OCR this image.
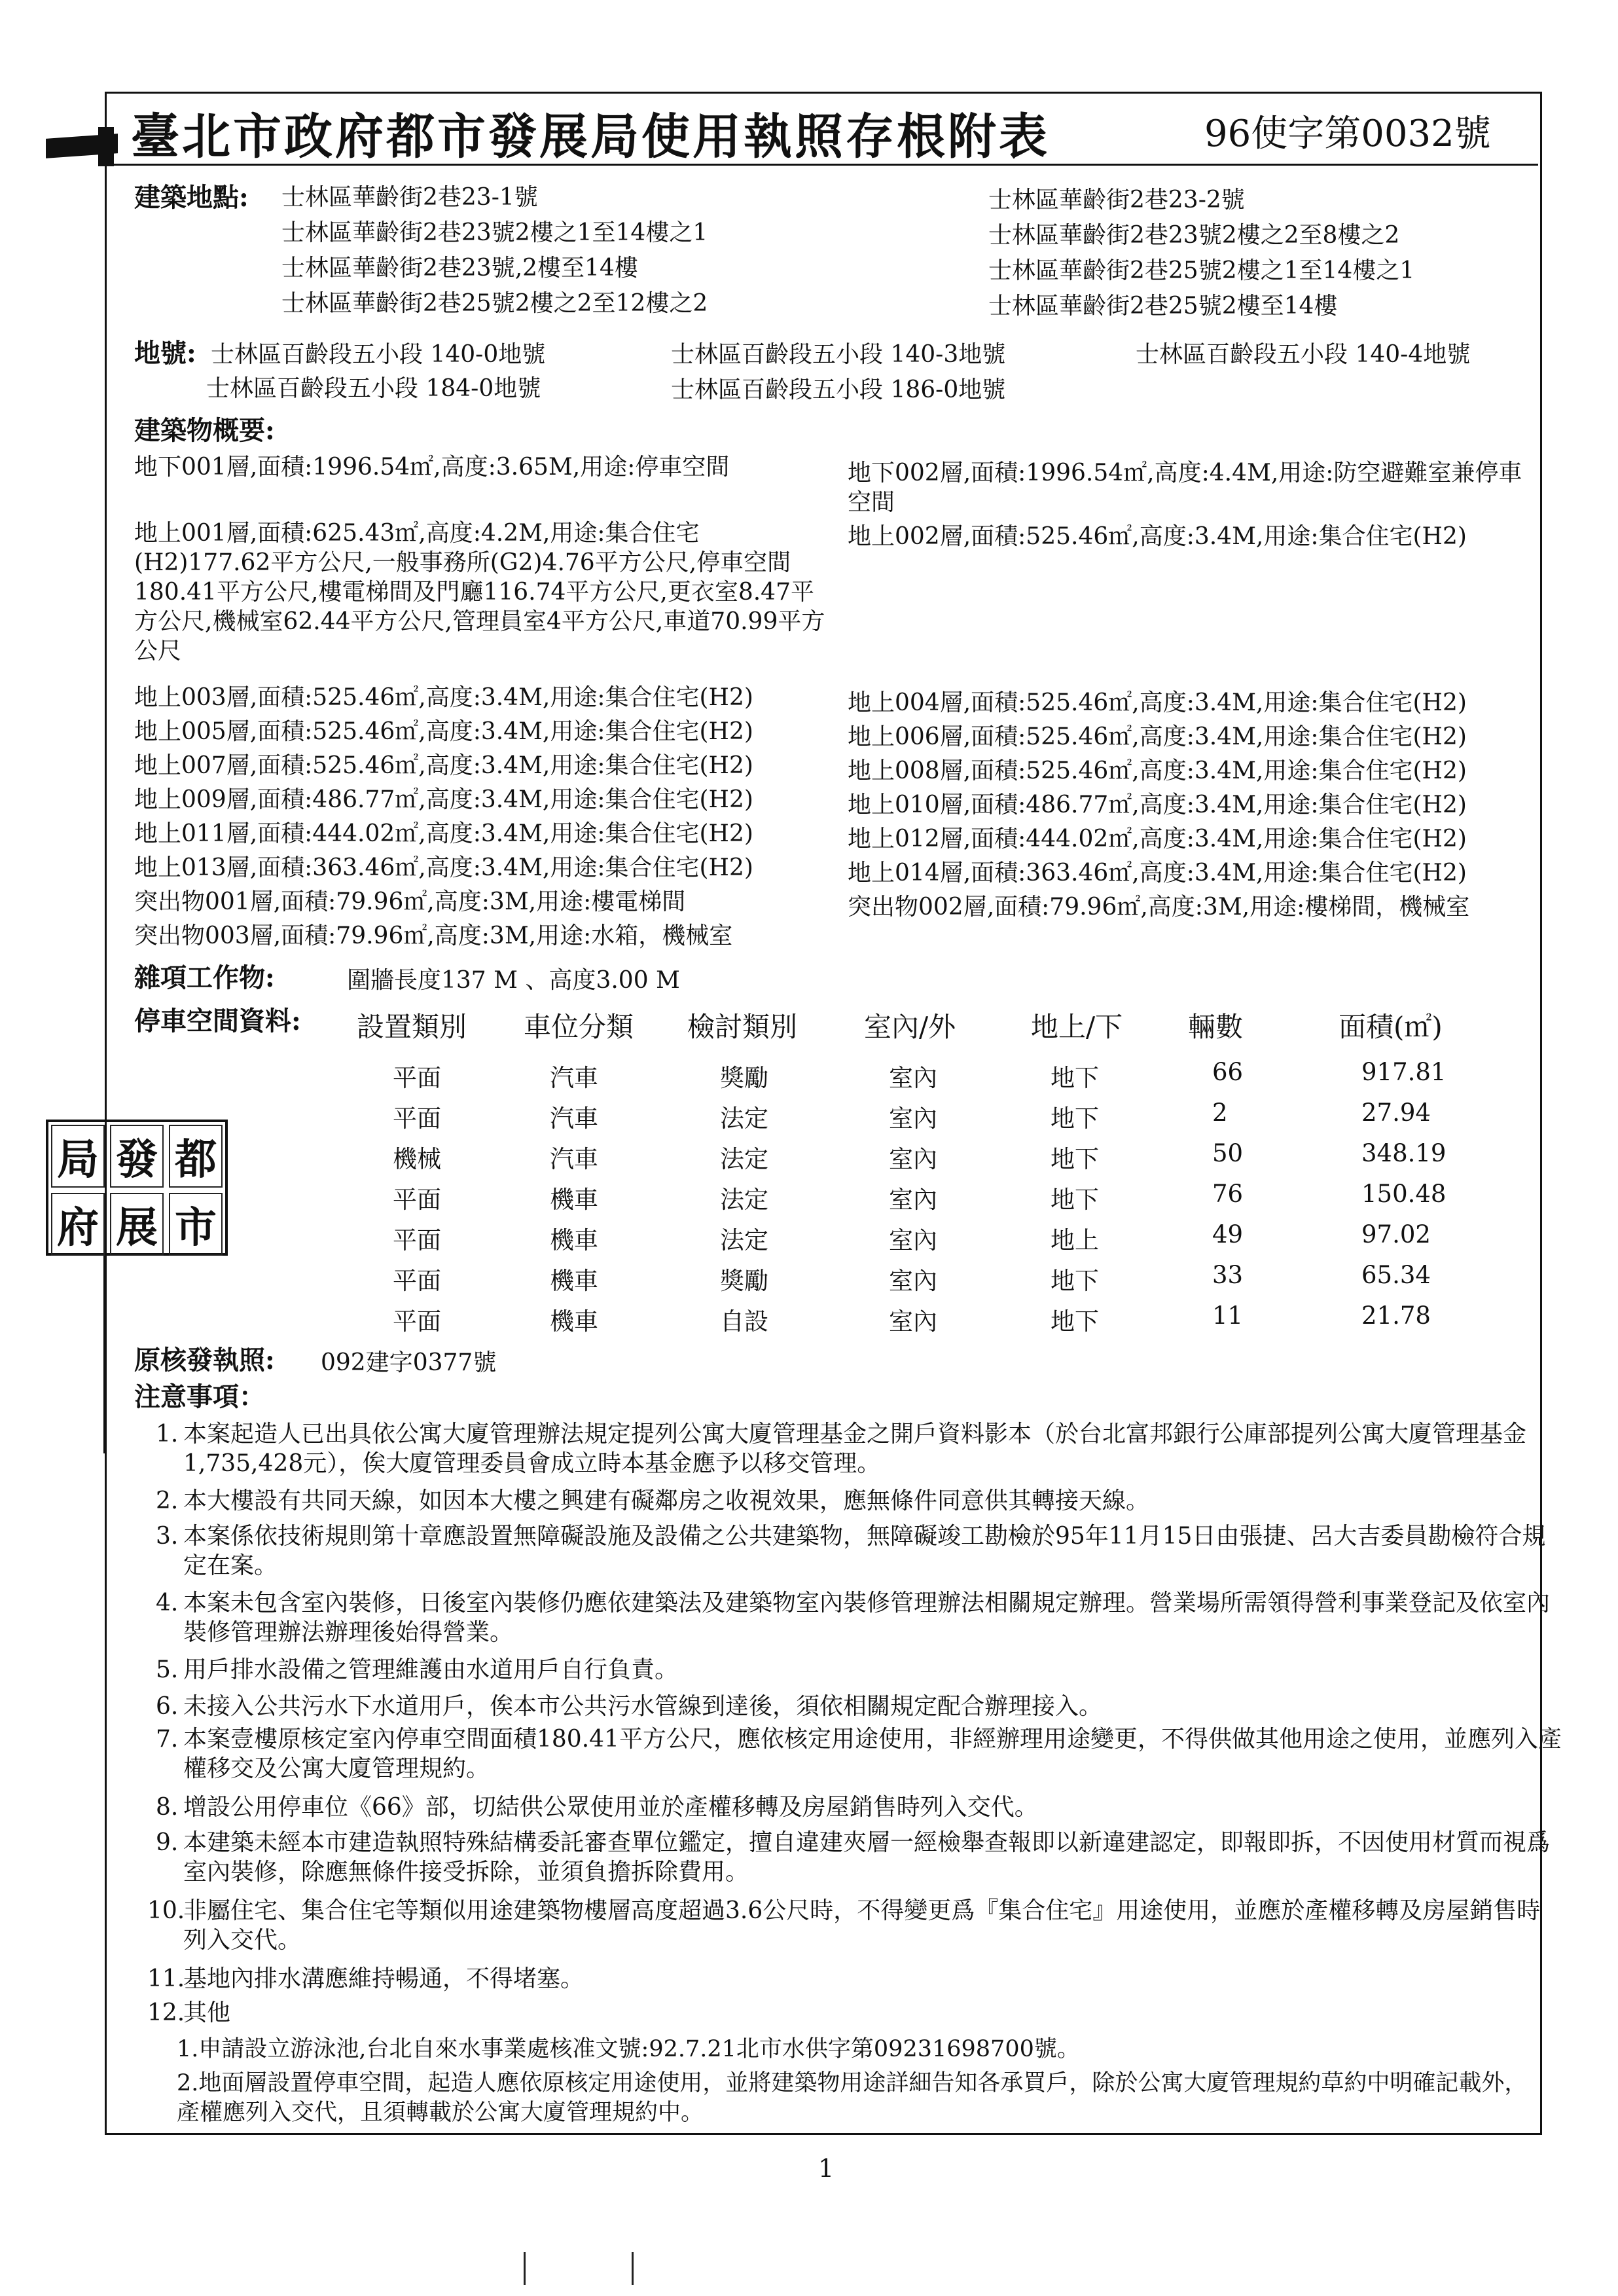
臺北市政府都市發展局使用執照存根附表	96使字第0032號
建築地點: 士林區華齡街2巷23-1號
士林區華齡街2巷23號2樓之1至14樓之1
士林區華齡街2巷23號,2樓至14樓
士林區華齡街2巷25號2樓之2至12樓之2
士林區華齡街2巷23-2號
士林區華齡街2巷23號2樓之2至8樓之2
士林區華齡街2巷25號2樓之1至14樓之1
士林區華齡街2巷25號2樓至14樓
地號: 士林區百齡段五小段 140-0地號	士林區百齡段五小段 140-3地號	士林區百齡段五小段 140-4地號
士林區百齡段五小段 184-0地號	士林區百齡段五小段 186-0地號
建築物概要:
地下001層,面積:1996.54㎡,高度:3.65M,用途:停車空間	地下002層,面積:1996.54㎡,高度:4.4M,用途:防空避難室兼停車空間
地上001層,面積:625.43㎡,高度:4.2M,用途:集合住宅(H2)177.62平方公尺,一般事務所(G2)4.76平方公尺,停車空間180.41平方公尺,樓電梯間及門廳116.74平方公尺,更衣室8.47平方公尺,機械室62.44平方公尺,管理員室4平方公尺,車道70.99平方公尺
地上002層,面積:525.46㎡,高度:3.4M,用途:集合住宅(H2)
地上003層,面積:525.46㎡,高度:3.4M,用途:集合住宅(H2)
地上005層,面積:525.46㎡,高度:3.4M,用途:集合住宅(H2)
地上007層,面積:525.46㎡,高度:3.4M,用途:集合住宅(H2)
地上009層,面積:486.77㎡,高度:3.4M,用途:集合住宅(H2)
地上011層,面積:444.02㎡,高度:3.4M,用途:集合住宅(H2)
地上013層,面積:363.46㎡,高度:3.4M,用途:集合住宅(H2)
突出物001層,面積:79.96㎡,高度:3M,用途:樓電梯間
突出物003層,面積:79.96㎡,高度:3M,用途:水箱，機械室
地上004層,面積:525.46㎡,高度:3.4M,用途:集合住宅(H2)
地上006層,面積:525.46㎡,高度:3.4M,用途:集合住宅(H2)
地上008層,面積:525.46㎡,高度:3.4M,用途:集合住宅(H2)
地上010層,面積:486.77㎡,高度:3.4M,用途:集合住宅(H2)
地上012層,面積:444.02㎡,高度:3.4M,用途:集合住宅(H2)
地上014層,面積:363.46㎡,高度:3.4M,用途:集合住宅(H2)
突出物002層,面積:79.96㎡,高度:3M,用途:樓梯間，機械室
雜項工作物:	圍牆長度137 M 、高度3.00 M
停車空間資料: 設置類別 車位分類 檢討類別 室內/外	地上/下 輛數	面積(㎡)
平面	汽車	獎勵	室內	地下	66	917.81
平面	汽車	法定	室內	地下	2	27.94
機械	汽車	法定	室內	地下	50	348.19
平面	機車	法定	室內	地下	76	150.48
平面	機車	法定	室內	地上	49	97.02
平面	機車	獎勵	室內	地下	33	65.34
平面	機車	自設	室內	地下	11	21.78
局 發 都
府 展 市
原核發執照: 092建字0377號
注意事項：
1. 本案起造人已出具依公寓大廈管理辦法規定提列公寓大廈管理基金之開戶資料影本（於台北富邦銀行公庫部提列公寓大廈管理基金1,735,428元），俟大廈管理委員會成立時本基金應予以移交管理。
2. 本大樓設有共同天線，如因本大樓之興建有礙鄰房之收視效果，應無條件同意供其轉接天線。
3. 本案係依技術規則第十章應設置無障礙設施及設備之公共建築物，無障礙竣工勘檢於95年11月15日由張捷、呂大吉委員勘檢符合規定在案。
4. 本案未包含室內裝修，日後室內裝修仍應依建築法及建築物室內裝修管理辦法相關規定辦理。營業場所需領得營利事業登記及依室內裝修管理辦法辦理後始得營業。
5. 用戶排水設備之管理維護由水道用戶自行負責。
6. 未接入公共污水下水道用戶，俟本市公共污水管線到達後，須依相關規定配合辦理接入。
7. 本案壹樓原核定室內停車空間面積180.41平方公尺，應依核定用途使用，非經辦理用途變更，不得供做其他用途之使用，並應列入產權移交及公寓大廈管理規約。
8. 增設公用停車位《66》部，切結供公眾使用並於產權移轉及房屋銷售時列入交代。
9. 本建築未經本市建造執照特殊結構委託審查單位鑑定，擅自違建夾層一經檢舉查報即以新違建認定，即報即拆，不因使用材質而視爲室內裝修，除應無條件接受拆除，並須負擔拆除費用。
10.
非屬住宅、集合住宅等類似用途建築物樓層高度超過3.6公尺時，不得變更爲『集合住宅』用途使用，並應於產權移轉及房屋銷售時列入交代。
11.
基地內排水溝應維持暢通，不得堵塞。
12.
其他
1.申請設立游泳池,台北自來水事業處核准文號:92.7.21北市水供字第09231698700號。
2.地面層設置停車空間，起造人應依原核定用途使用，並將建築物用途詳細告知各承買戶，除於公寓大廈管理規約草約中明確記載外，產權應列入交代，且須轉載於公寓大廈管理規約中。
1
